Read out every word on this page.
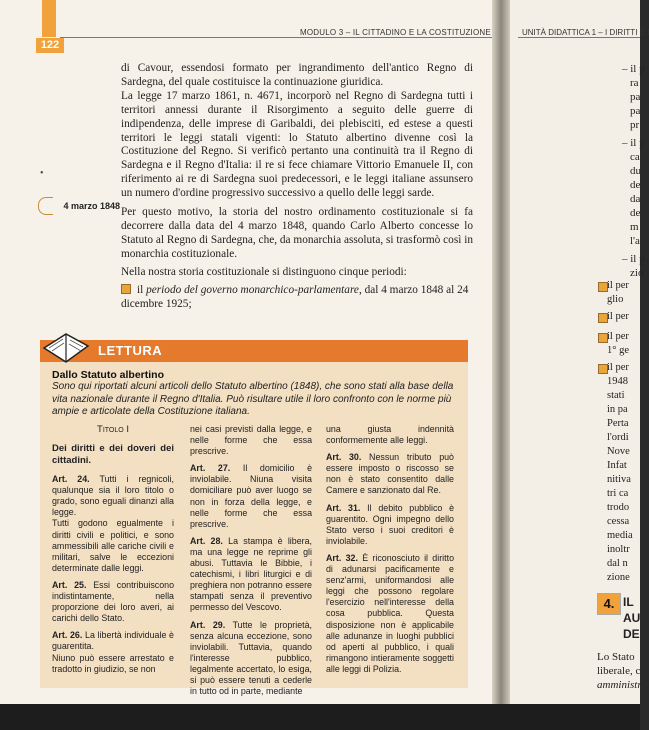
122
MODULO 3 – IL CITTADINO E LA COSTITUZIONE

di Cavour, essendosi formato per ingrandimento dell'antico Regno di Sardegna, del quale costituisce la continuazione giuridica.

La legge 17 marzo 1861, n. 4671, incorporò nel Regno di Sardegna tutti i territori annessi durante il Risorgimento a seguito delle guerre di indipendenza, delle imprese di Garibaldi, dei plebisciti, ed estese a questi territori le leggi statali vigenti: lo Statuto albertino divenne così la Costituzione del Regno. Si verificò pertanto una continuità tra il Regno di Sardegna e il Regno d'Italia: il re si fece chiamare Vittorio Emanuele II, con riferimento ai re di Sardegna suoi predecessori, e le leggi italiane assunsero un numero d'ordine progressivo successivo a quello delle leggi sarde.

•
4 marzo 1848 Per questo motivo, la storia del nostro ordinamento costituzionale si fa decorrere dalla data del 4 marzo 1848, quando Carlo Alberto concesse lo Statuto al Regno di Sardegna, che, da monarchia assoluta, si trasformò così in monarchia costituzionale.

Nella nostra storia costituzionale si distinguono cinque periodi:

il periodo del governo monarchico-parlamentare, dal 4 marzo 1848 al 24 dicembre 1925;
LETTURA
Dallo Statuto albertino
Sono qui riportati alcuni articoli dello Statuto albertino (1848), che sono stati alla base della vita nazionale durante il Regno d'Italia. Può risultare utile il loro confronto con le norme più ampie e articolate della Costituzione italiana.

Titolo I

Dei diritti e dei doveri dei cittadini.

Art. 24. Tutti i regnicoli, qualunque sia il loro titolo o grado, sono eguali dinanzi alla legge.
Tutti godono egualmente i diritti civili e politici, e sono ammessibili alle cariche civili e militari, salve le eccezioni determinate dalle leggi.

Art. 25. Essi contribuiscono indistintamente, nella proporzione dei loro averi, ai carichi dello Stato.

Art. 26. La libertà individuale è guarentita.
Niuno può essere arrestato e tradotto in giudizio, se non

nei casi previsti dalla legge, e nelle forme che essa prescrive.

Art. 27. Il domicilio è inviolabile. Niuna visita domiciliare può aver luogo se non in forza della legge, e nelle forme che essa prescrive.

Art. 28. La stampa è libera, ma una legge ne reprime gli abusi. Tuttavia le Bibbie, i catechismi, i libri liturgici e di preghiera non potranno essere stampati senza il preventivo permesso del Vescovo.

Art. 29. Tutte le proprietà, senza alcuna eccezione, sono inviolabili. Tuttavia, quando l'interesse pubblico, legalmente accertato, lo esiga, si può essere tenuti a cederle in tutto od in parte, mediante

una giusta indennità conformemente alle leggi.

Art. 30. Nessun tributo può essere imposto o riscosso se non è stato consentito dalle Camere e sanzionato dal Re.

Art. 31. Il debito pubblico è guarentito. Ogni impegno dello Stato verso i suoi creditori è inviolabile.

Art. 32. È riconosciuto il diritto di adunarsi pacificamente e senz'armi, uniformandosi alle leggi che possono regolare l'esercizio nell'interesse della cosa pubblica. Questa disposizione non è applicabile alle adunanze in luoghi pubblici od aperti al pubblico, i quali rimangono intieramente soggetti alle leggi di Polizia.

UNITÀ DIDATTICA 1 – I DIRITTI E I
– il p
ra
pa
pa
pr
– il p
ca
du
de
da
de
m
l'a
– il p
zio
il per
glio
il per
il per
1° ge
il per
1948
stati
in pa
Perta
l'ordi
Nove
Infat
nitiva
tri ca
trodo
cessa
media
inoltr
dal n
zione
4. IL
AU
DE
Lo Stato
liberale, c
amministr
